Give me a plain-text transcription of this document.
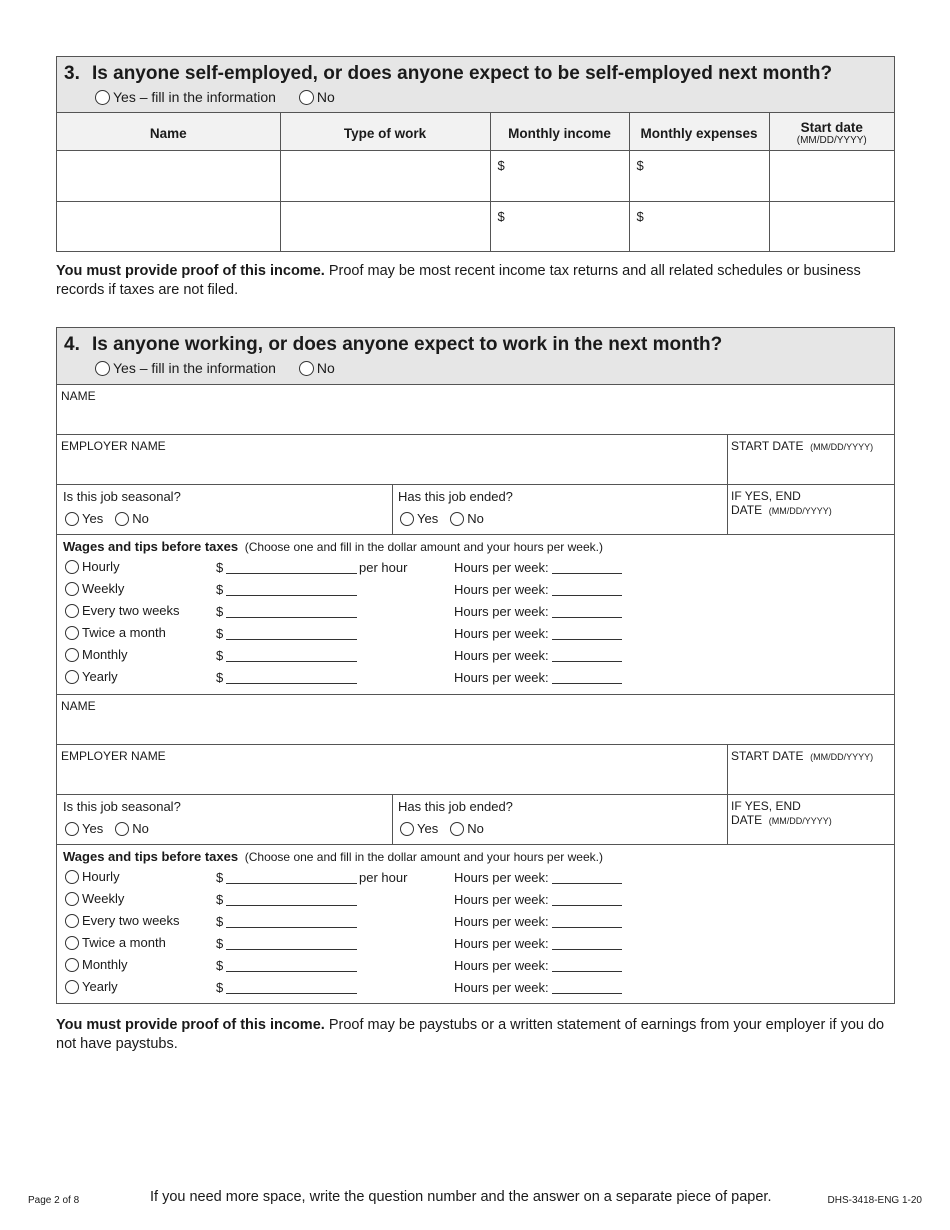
3. Is anyone self-employed, or does anyone expect to be self-employed next month?
Yes – fill in the information	No
Name	Type of work	Monthly income	Monthly expenses	Start date
(MM/DD/YYYY)

		$	$	
		$	$	
You must provide proof of this income. Proof may be most recent income tax returns and all related schedules or business records if taxes are not filed.
4. Is anyone working, or does anyone expect to work in the next month?
Yes – fill in the information	No
NAME
EMPLOYER NAME	START DATE (MM/DD/YYYY)
Is this job seasonal?
Yes No
Has this job ended?
Yes No
IF YES, END DATE (MM/DD/YYYY)
Wages and tips before taxes (Choose one and fill in the dollar amount and your hours per week.)
Hourly	$	per hour	Hours per week:
Weekly	$	Hours per week:
Every two weeks	$	Hours per week:
Twice a month	$	Hours per week:
Monthly	$	Hours per week:
Yearly	$	Hours per week:
NAME
EMPLOYER NAME	START DATE (MM/DD/YYYY)
Is this job seasonal?
Yes No
Has this job ended?
Yes No
IF YES, END DATE (MM/DD/YYYY)
Wages and tips before taxes (Choose one and fill in the dollar amount and your hours per week.)
Hourly	$	per hour	Hours per week:
Weekly	$	Hours per week:
Every two weeks	$	Hours per week:
Twice a month	$	Hours per week:
Monthly	$	Hours per week:
Yearly	$	Hours per week:
You must provide proof of this income. Proof may be paystubs or a written statement of earnings from your employer if you do not have paystubs.
Page 2 of 8	If you need more space, write the question number and the answer on a separate piece of paper.	DHS-3418-ENG 1-20
